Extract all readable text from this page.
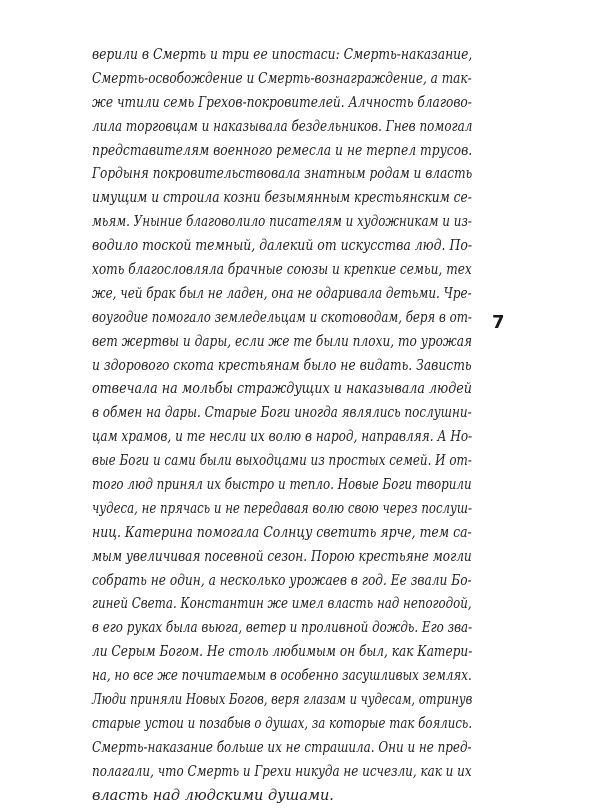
верили в Смерть и три ее ипостаси: Смерть-наказание,
Смерть-освобождение и Смерть-вознаграждение, а так-
же чтили семь Грехов-покровителей. Алчность благово-
лила торговцам и наказывала бездельников. Гнев помогал
представителям военного ремесла и не терпел трусов.
Гордыня покровительствовала знатным родам и власть
имущим и строила козни безымянным крестьянским се-
мьям. Уныние благоволило писателям и художникам и из-
водило тоской темный, далекий от искусства люд. По-
хоть благословляла брачные союзы и крепкие семьи, тех
же, чей брак был не ладен, она не одаривала детьми. Чре-
воугодие помогало земледельцам и скотоводам, беря в от-
вет жертвы и дары, если же те были плохи, то урожая
и здорового скота крестьянам было не видать. Зависть
отвечала на мольбы страждущих и наказывала людей
в обмен на дары. Старые Боги иногда являлись послушни-
цам храмов, и те несли их волю в народ, направляя. А Но-
вые Боги и сами были выходцами из простых семей. И от-
того люд принял их быстро и тепло. Новые Боги творили
чудеса, не прячась и не передавая волю свою через послуш-
ниц. Катерина помогала Солнцу светить ярче, тем са-
мым увеличивая посевной сезон. Порою крестьяне могли
собрать не один, а несколько урожаев в год. Ее звали Бо-
гиней Света. Константин же имел власть над непогодой,
в его руках была вьюга, ветер и проливной дождь. Его зва-
ли Серым Богом. Не столь любимым он был, как Катери-
на, но все же почитаемым в особенно засушливых землях.
Люди приняли Новых Богов, веря глазам и чудесам, отринув
старые устои и позабыв о душах, за которые так боялись.
Смерть-наказание больше их не страшила. Они и не пред-
полагали, что Смерть и Грехи никуда не исчезли, как и их
власть над людскими душами.
7
